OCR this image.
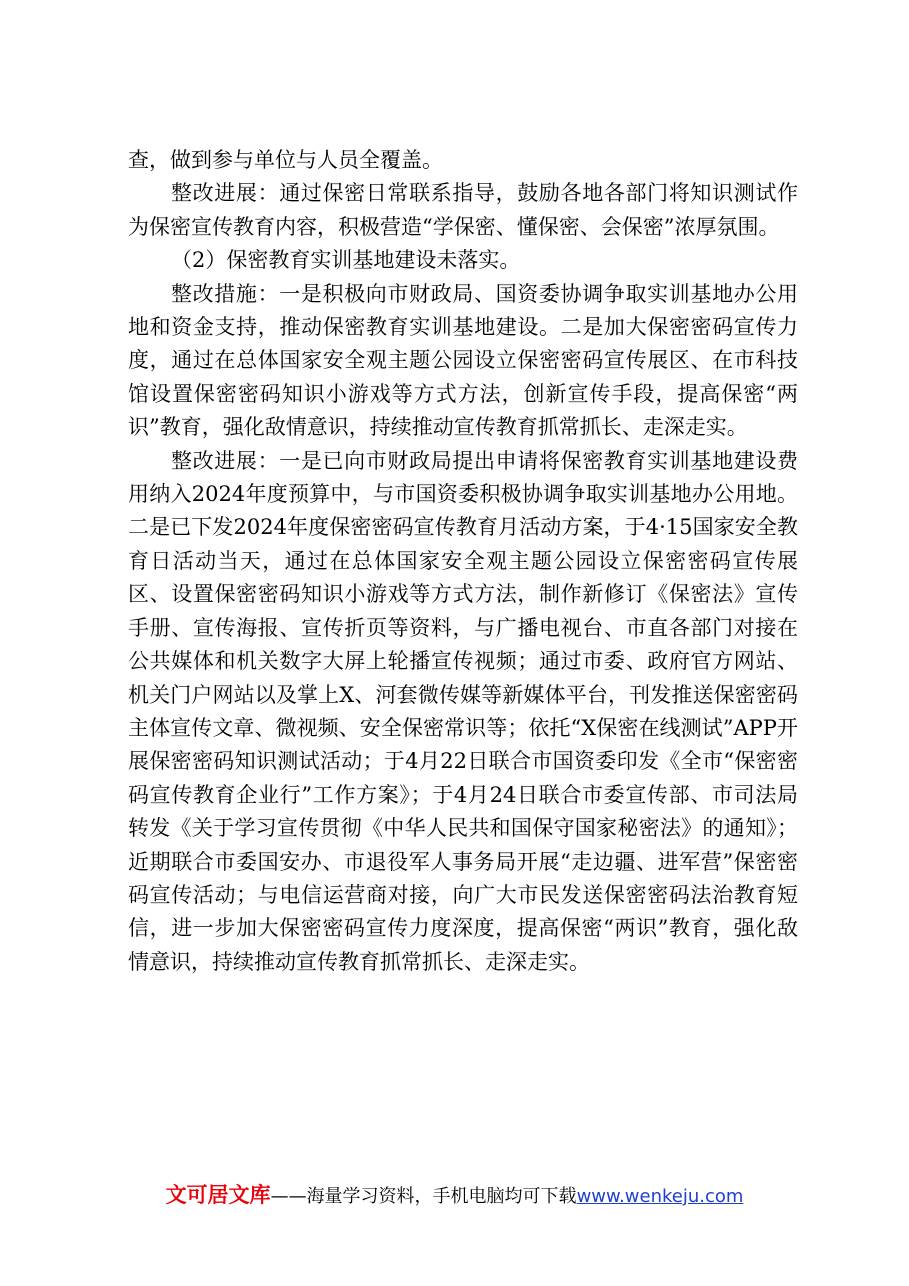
查，做到参与单位与人员全覆盖。

整改进展：通过保密日常联系指导，鼓励各地各部门将知识测试作为保密宣传教育内容，积极营造“学保密、懂保密、会保密”浓厚氛围。

（2）保密教育实训基地建设未落实。

整改措施：一是积极向市财政局、国资委协调争取实训基地办公用地和资金支持，推动保密教育实训基地建设。二是加大保密密码宣传力度，通过在总体国家安全观主题公园设立保密密码宣传展区、在市科技馆设置保密密码知识小游戏等方式方法，创新宣传手段，提高保密“两识”教育，强化敌情意识，持续推动宣传教育抓常抓长、走深走实。

整改进展：一是已向市财政局提出申请将保密教育实训基地建设费用纳入2024年度预算中，与市国资委积极协调争取实训基地办公用地。二是已下发2024年度保密密码宣传教育月活动方案，于4·15国家安全教育日活动当天，通过在总体国家安全观主题公园设立保密密码宣传展区、设置保密密码知识小游戏等方式方法，制作新修订《保密法》宣传手册、宣传海报、宣传折页等资料，与广播电视台、市直各部门对接在公共媒体和机关数字大屏上轮播宣传视频；通过市委、政府官方网站、机关门户网站以及掌上X、河套微传媒等新媒体平台，刊发推送保密密码主体宣传文章、微视频、安全保密常识等；依托“X保密在线测试”APP开展保密密码知识测试活动；于4月22日联合市国资委印发《全市“保密密码宣传教育企业行”工作方案》；于4月24日联合市委宣传部、市司法局转发《关于学习宣传贯彻《中华人民共和国保守国家秘密法》的通知》；近期联合市委国安办、市退役军人事务局开展“走边疆、进军营”保密密码宣传活动；与电信运营商对接，向广大市民发送保密密码法治教育短信，进一步加大保密密码宣传力度深度，提高保密“两识”教育，强化敌情意识，持续推动宣传教育抓常抓长、走深走实。

文可居文库——海量学习资料，手机电脑均可下载www.wenkeju.com
